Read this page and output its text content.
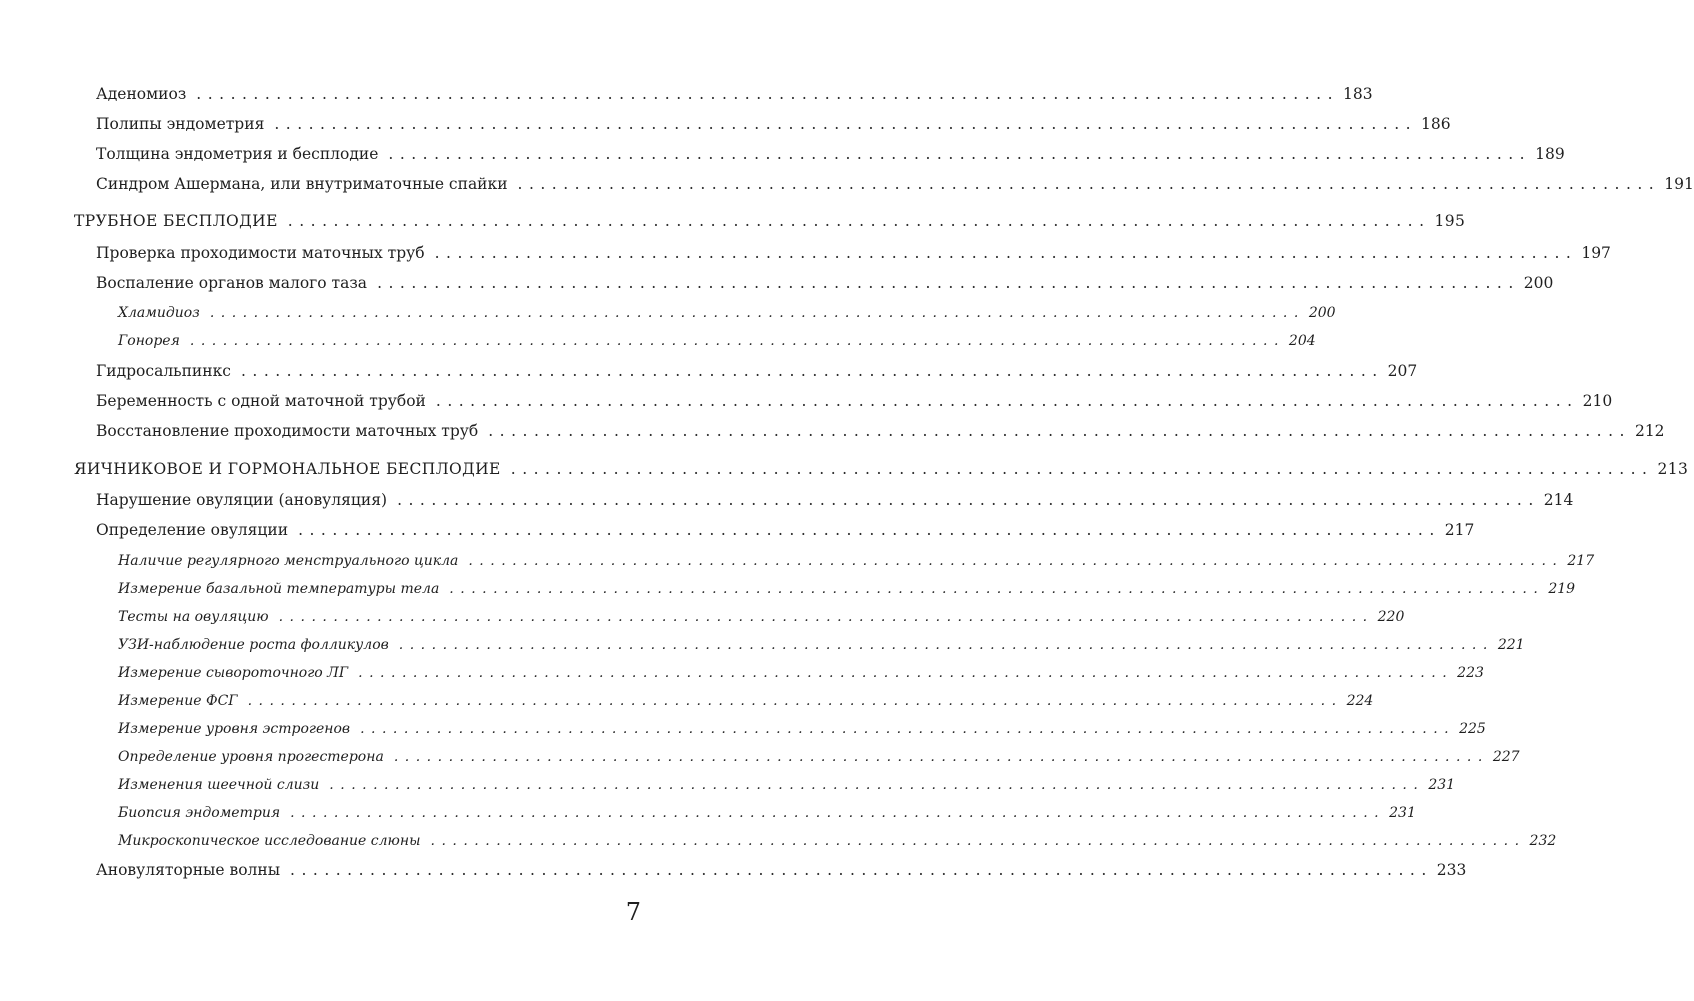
Аденомиоз .................................................................................................... 183
Полипы эндометрия .................................................................................................... 186
Толщина эндометрия и бесплодие .................................................................................................... 189
Синдром Ашермана, или внутриматочные спайки .................................................................................................... 191
ТРУБНОЕ БЕСПЛОДИЕ .................................................................................................... 195
Проверка проходимости маточных труб .................................................................................................... 197
Воспаление органов малого таза .................................................................................................... 200
Хламидиоз .................................................................................................... 200
Гонорея .................................................................................................... 204
Гидросальпинкс .................................................................................................... 207
Беременность с одной маточной трубой .................................................................................................... 210
Восстановление проходимости маточных труб .................................................................................................... 212
ЯИЧНИКОВОЕ И ГОРМОНАЛЬНОЕ БЕСПЛОДИЕ .................................................................................................... 213
Нарушение овуляции (ановуляция) .................................................................................................... 214
Определение овуляции .................................................................................................... 217
Наличие регулярного менструального цикла .................................................................................................... 217
Измерение базальной температуры тела .................................................................................................... 219
Тесты на овуляцию .................................................................................................... 220
УЗИ-наблюдение роста фолликулов .................................................................................................... 221
Измерение сывороточного ЛГ .................................................................................................... 223
Измерение ФСГ .................................................................................................... 224
Измерение уровня эстрогенов .................................................................................................... 225
Определение уровня прогестерона .................................................................................................... 227
Изменения шеечной слизи .................................................................................................... 231
Биопсия эндометрия .................................................................................................... 231
Микроскопическое исследование слюны .................................................................................................... 232
Ановуляторные волны .................................................................................................... 233
7
